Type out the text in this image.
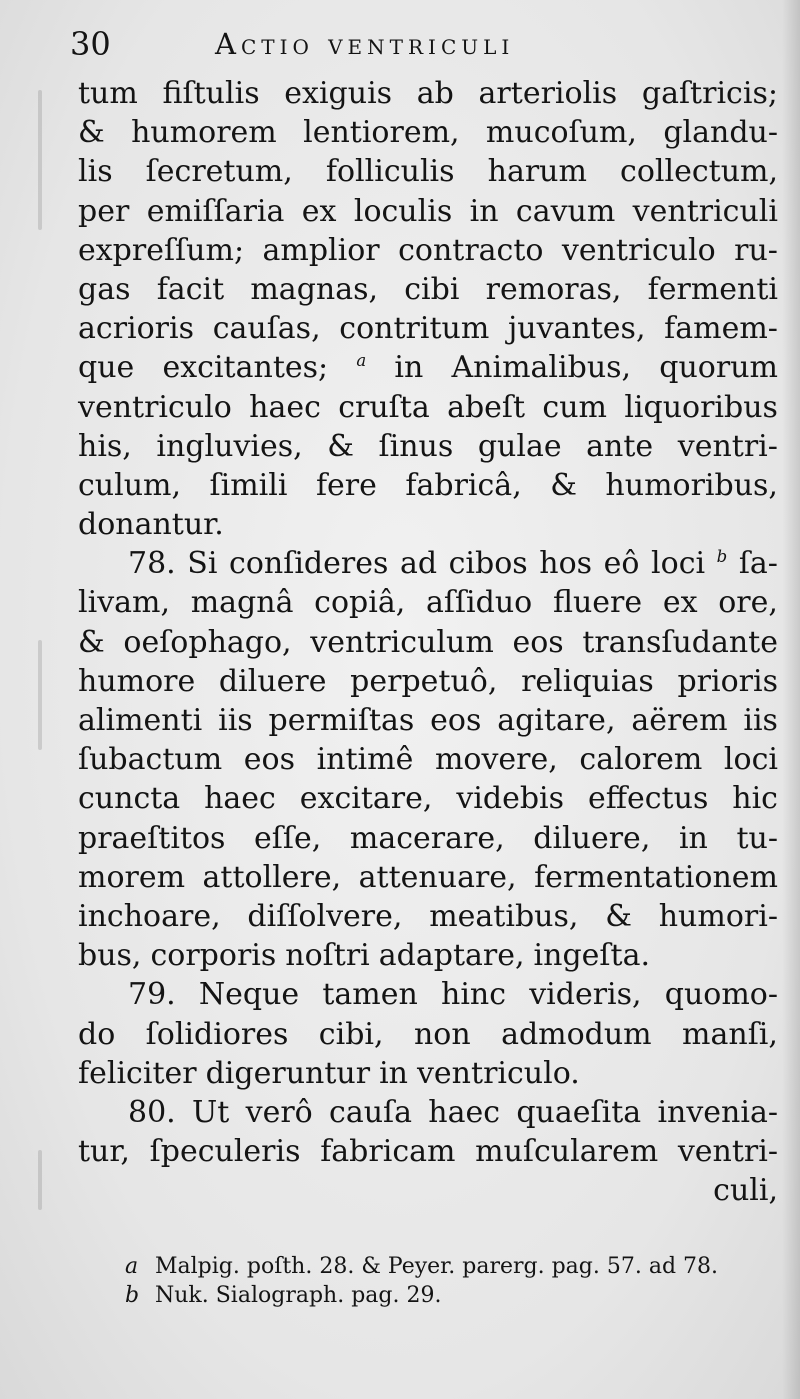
30	Actio ventriculi
tum fiſtulis exiguis ab arteriolis gaſtricis;
& humorem lentiorem, mucoſum, glandu-
lis ſecretum, folliculis harum collectum,
per emiſſaria ex loculis in cavum ventriculi
expreſſum; amplior contracto ventriculo ru-
gas facit magnas, cibi remoras, fermenti
acrioris cauſas, contritum juvantes, famem-
que excitantes; $^a$ in Animalibus, quorum
ventriculo haec cruſta abeſt cum liquoribus
his, ingluvies, & ſinus gulae ante ventri-
culum, ſimili fere fabricâ, & humoribus,
donantur.
78. Si conſideres ad cibos hos eô loci $^b$ ſa-
livam, magnâ copiâ, aſſiduo fluere ex ore,
& oeſophago, ventriculum eos transſudante
humore diluere perpetuô, reliquias prioris
alimenti iis permiſtas eos agitare, aërem iis
ſubactum eos intimê movere, calorem loci
cuncta haec excitare, videbis effectus hic
praeſtitos eſſe, macerare, diluere, in tu-
morem attollere, attenuare, fermentationem
inchoare, diſſolvere, meatibus, & humori-
bus, corporis noſtri adaptare, ingeſta.
79. Neque tamen hinc videris, quomo-
do ſolidiores cibi, non admodum manſi,
feliciter digeruntur in ventriculo.
80. Ut verô cauſa haec quaeſita invenia-
tur, ſpeculeris fabricam muſcularem ventri-
culi,
a Malpig. poſth. 28. & Peyer. parerg. pag. 57. ad 78.
b Nuk. Sialograph. pag. 29.
